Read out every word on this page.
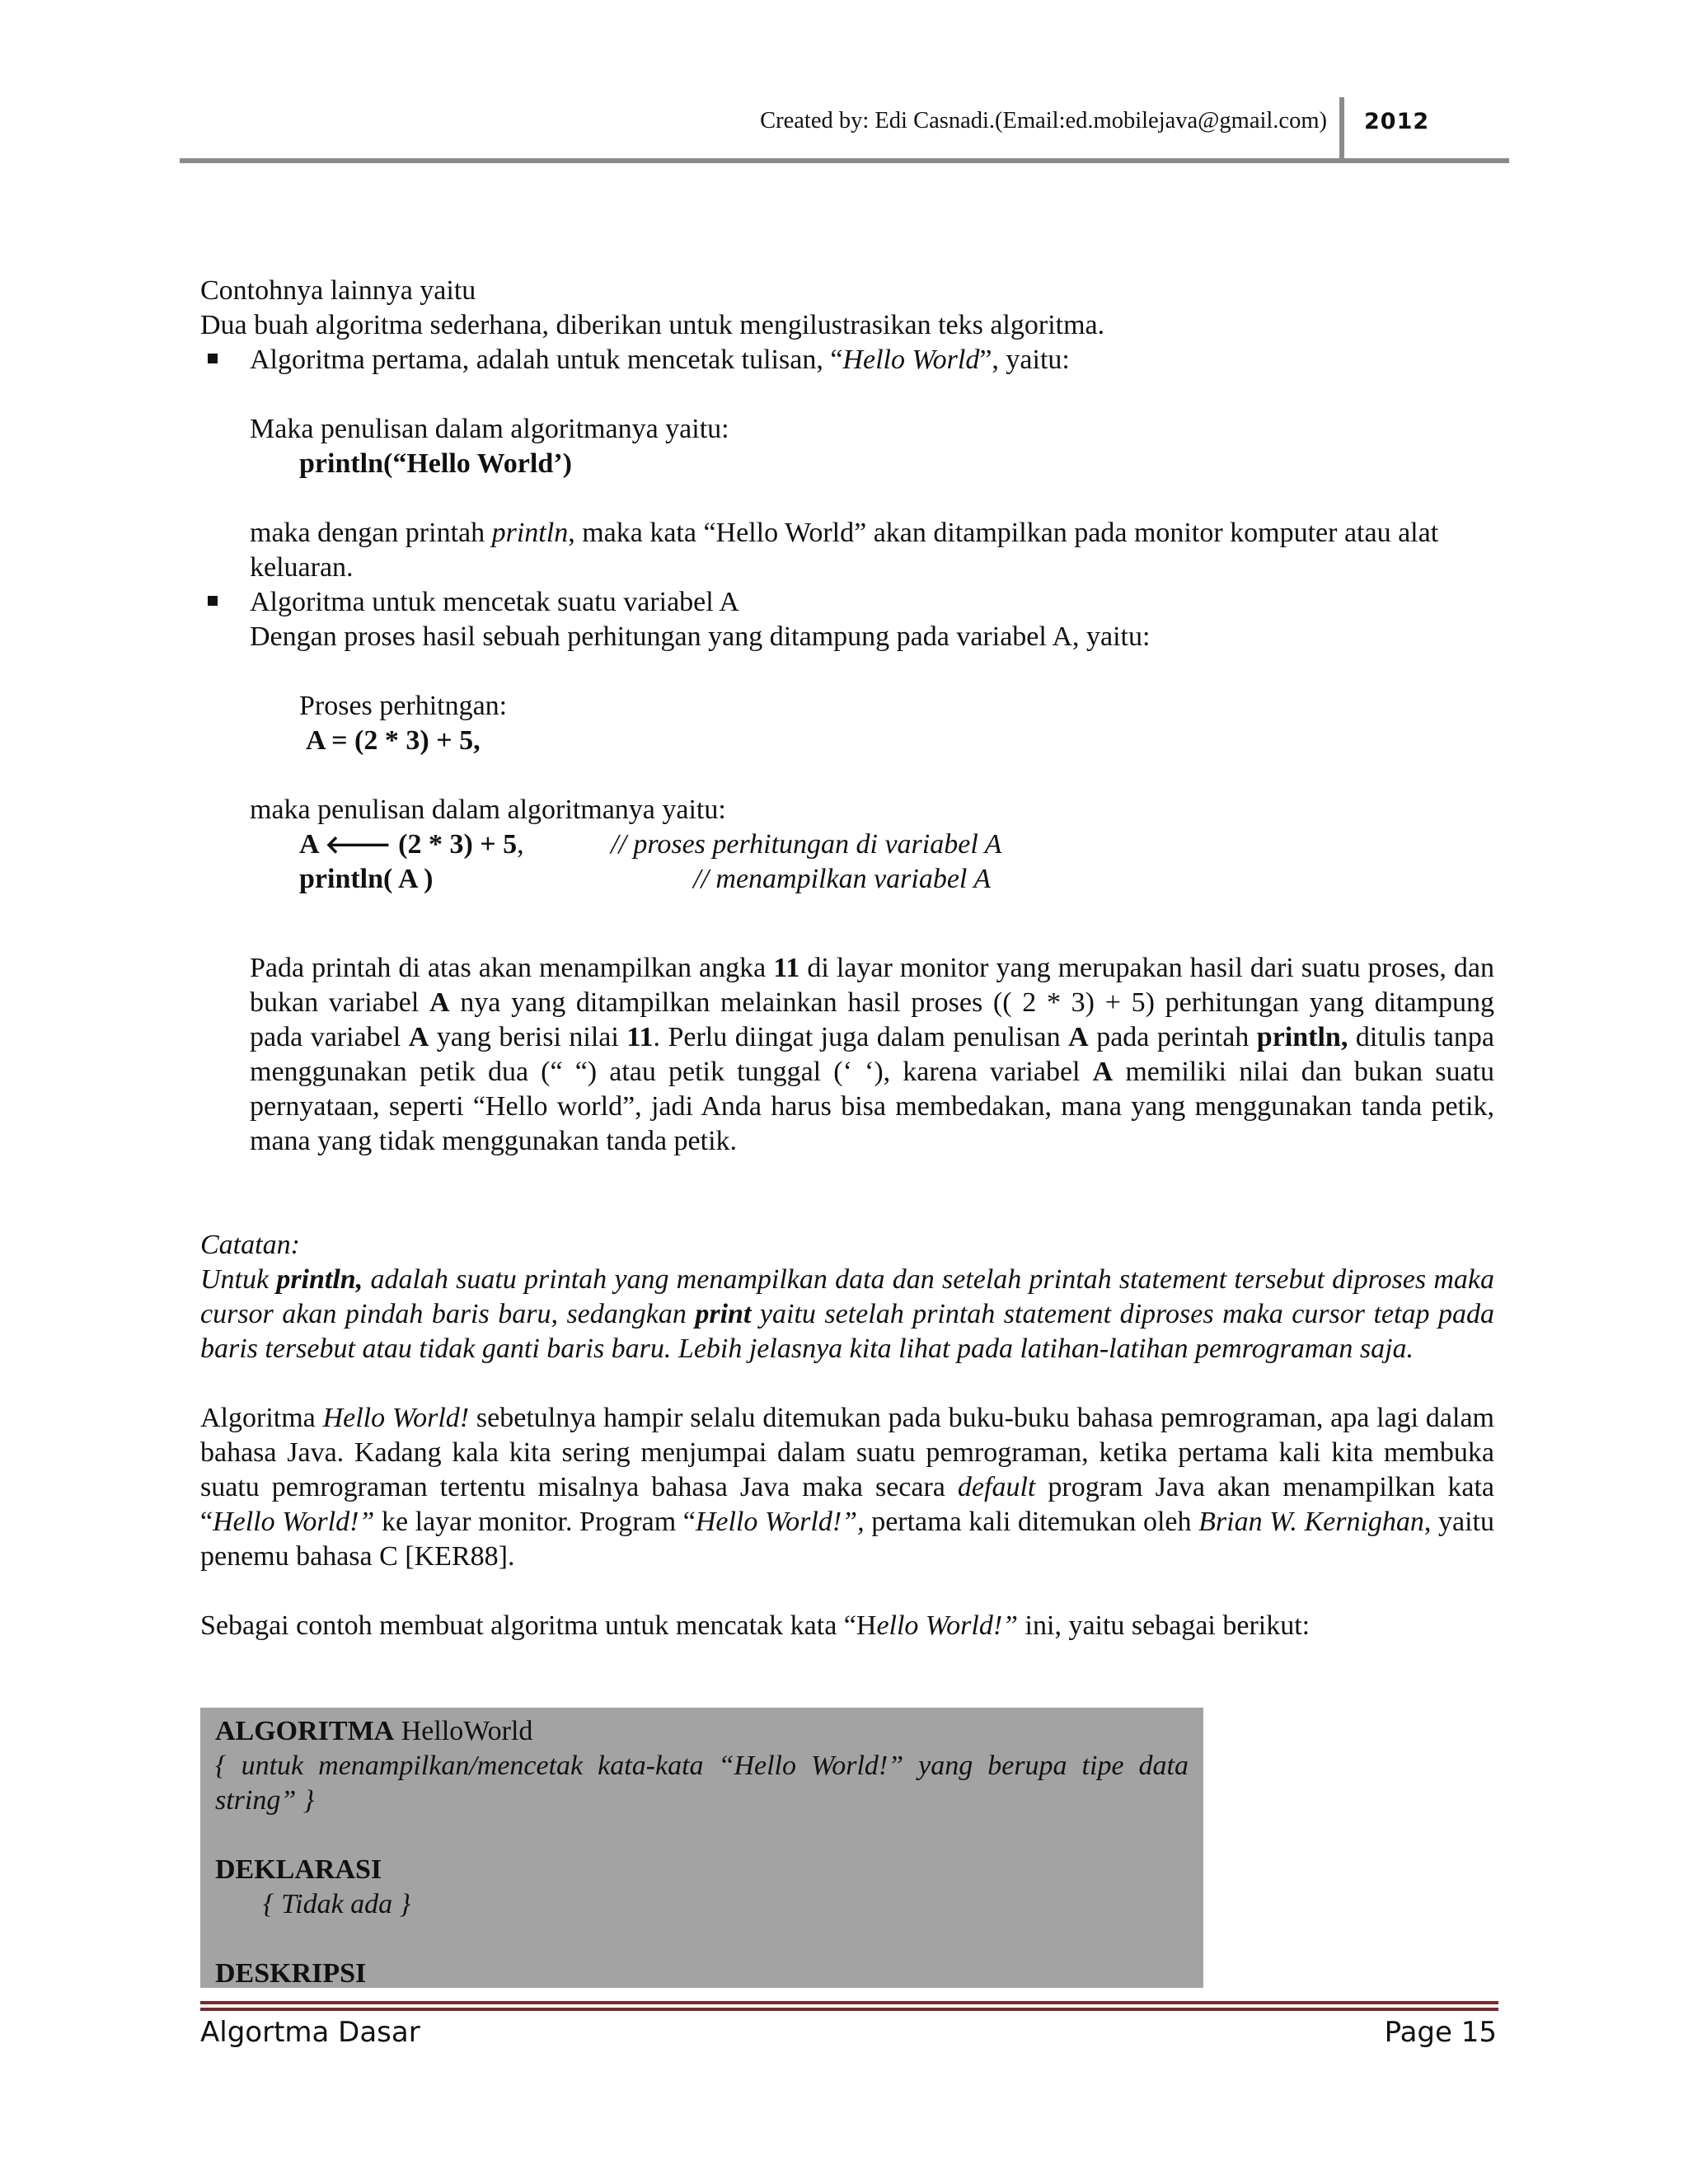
Created by: Edi Casnadi.(Email:ed.mobilejava@gmail.com) 2012

Contohnya lainnya yaitu

Dua buah algoritma sederhana, diberikan untuk mengilustrasikan teks algoritma.

Algoritma pertama, adalah untuk mencetak tulisan, “Hello World”, yaitu:

Maka penulisan dalam algoritmanya yaitu:

println(“Hello World’)

maka dengan printah println, maka kata “Hello World” akan ditampilkan pada monitor komputer atau alat keluaran.

Algoritma untuk mencetak suatu variabel A

Dengan proses hasil sebuah perhitungan yang ditampung pada variabel A, yaitu:

Proses perhitngan:

A = (2 * 3) + 5,

maka penulisan dalam algoritmanya yaitu:

A 🡐 (2 * 3) + 5,	// proses perhitungan di variabel A
println( A )	// menampilkan variabel A

Pada printah di atas akan menampilkan angka 11 di layar monitor yang merupakan hasil dari suatu proses, dan bukan variabel A nya yang ditampilkan melainkan hasil proses (( 2 * 3) + 5) perhitungan yang ditampung pada variabel A yang berisi nilai 11. Perlu diingat juga dalam penulisan A pada perintah println, ditulis tanpa menggunakan petik dua (“ “) atau petik tunggal (‘ ‘), karena variabel A memiliki nilai dan bukan suatu pernyataan, seperti “Hello world”, jadi Anda harus bisa membedakan, mana yang menggunakan tanda petik, mana yang tidak menggunakan tanda petik.

Catatan:

Untuk println, adalah suatu printah yang menampilkan data dan setelah printah statement tersebut diproses maka cursor akan pindah baris baru, sedangkan print yaitu setelah printah statement diproses maka cursor tetap pada baris tersebut atau tidak ganti baris baru. Lebih jelasnya kita lihat pada latihan-latihan pemrograman saja.

Algoritma Hello World! sebetulnya hampir selalu ditemukan pada buku-buku bahasa pemrograman, apa lagi dalam bahasa Java. Kadang kala kita sering menjumpai dalam suatu pemrograman, ketika pertama kali kita membuka suatu pemrograman tertentu misalnya bahasa Java maka secara default program Java akan menampilkan kata “Hello World!” ke layar monitor. Program “Hello World!”, pertama kali ditemukan oleh Brian W. Kernighan, yaitu penemu bahasa C [KER88].

Sebagai contoh membuat algoritma untuk mencatak kata “Hello World!” ini, yaitu sebagai berikut:

ALGORITMA HelloWorld
{ untuk menampilkan/mencetak kata-kata “Hello World!” yang berupa tipe data string” }
DEKLARASI
{ Tidak ada }
DESKRIPSI
Algortma Dasar	Page 15
